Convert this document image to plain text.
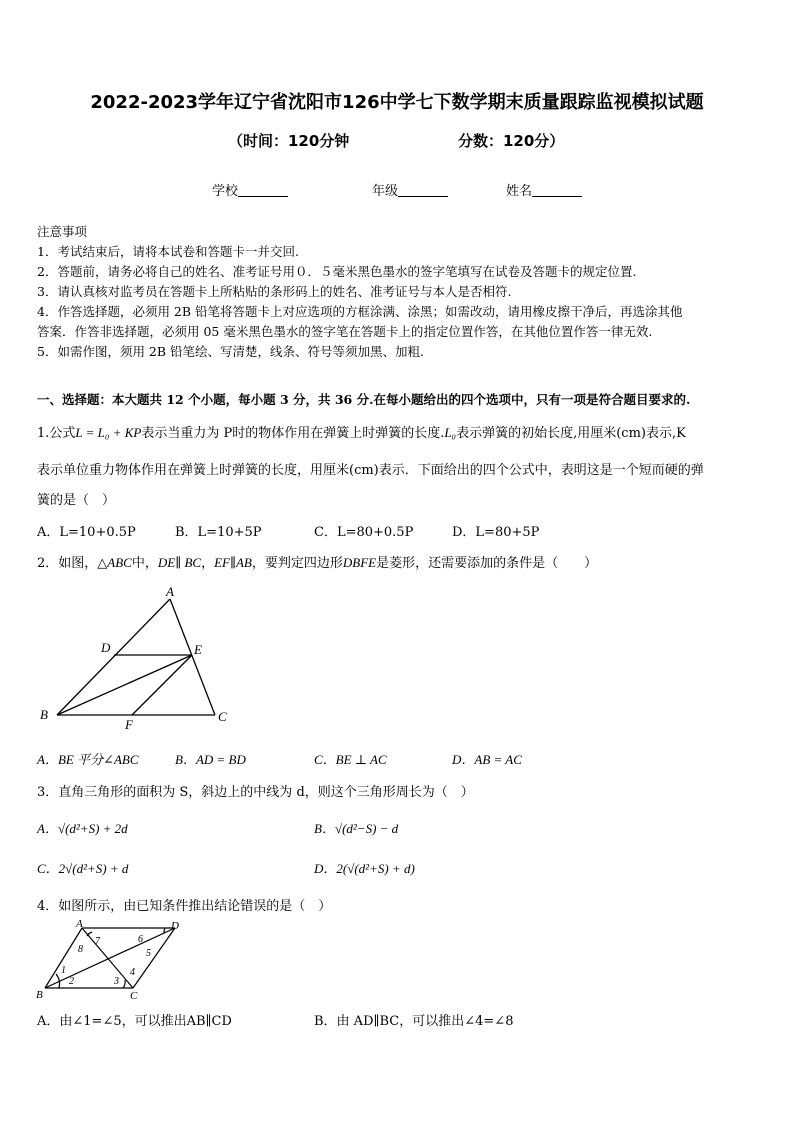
2022-2023学年辽宁省沈阳市126中学七下数学期末质量跟踪监视模拟试题
（时间：120分钟	分数：120分）
学校	年级	姓名
注意事项
1．考试结束后，请将本试卷和答题卡一并交回.
2．答题前，请务必将自己的姓名、准考证号用０．５毫米黑色墨水的签字笔填写在试卷及答题卡的规定位置.
3．请认真核对监考员在答题卡上所粘贴的条形码上的姓名、准考证号与本人是否相符.
4．作答选择题，必须用 2B 铅笔将答题卡上对应选项的方框涂满、涂黑；如需改动，请用橡皮擦干净后，再选涂其他
答案．作答非选择题，必须用 05 毫米黑色墨水的签字笔在答题卡上的指定位置作答，在其他位置作答一律无效.
5．如需作图，须用 2B 铅笔绘、写清楚，线条、符号等须加黑、加粗.
一、选择题：本大题共 12 个小题，每小题 3 分，共 36 分.在每小题给出的四个选项中，只有一项是符合题目要求的.
1.公式L = L₀ + KP表示当重力为 P时的物体作用在弹簧上时弹簧的长度.L₀表示弹簧的初始长度,用厘米(cm)表示,K
表示单位重力物体作用在弹簧上时弹簧的长度，用厘米(cm)表示．下面给出的四个公式中，表明这是一个短而硬的弹
簧的是（　）
A．L=10+0.5P	B．L=10+5P	C．L=80+0.5P	D．L=80+5P
2．如图，△ABC中，DE∥ BC，EF∥AB，要判定四边形DBFE是菱形，还需要添加的条件是（　　）
A
B	C
D	E
F
A．BE 平分∠ABC	B．AD = BD	C．BE ⊥ AC	D．AB = AC
3．直角三角形的面积为 S，斜边上的中线为 d，则这个三角形周长为（　）
A．√(d²+S) + 2d	B．√(d²−S) − d
C．2√(d²+S) + d	D．2(√(d²+S) + d)
4．如图所示，由已知条件推出结论错误的是（　）
A
B	C
D
1
2	3
4
5
6
7
8
A．由∠1=∠5，可以推出AB∥CD	B．由 AD∥BC，可以推出∠4=∠8
